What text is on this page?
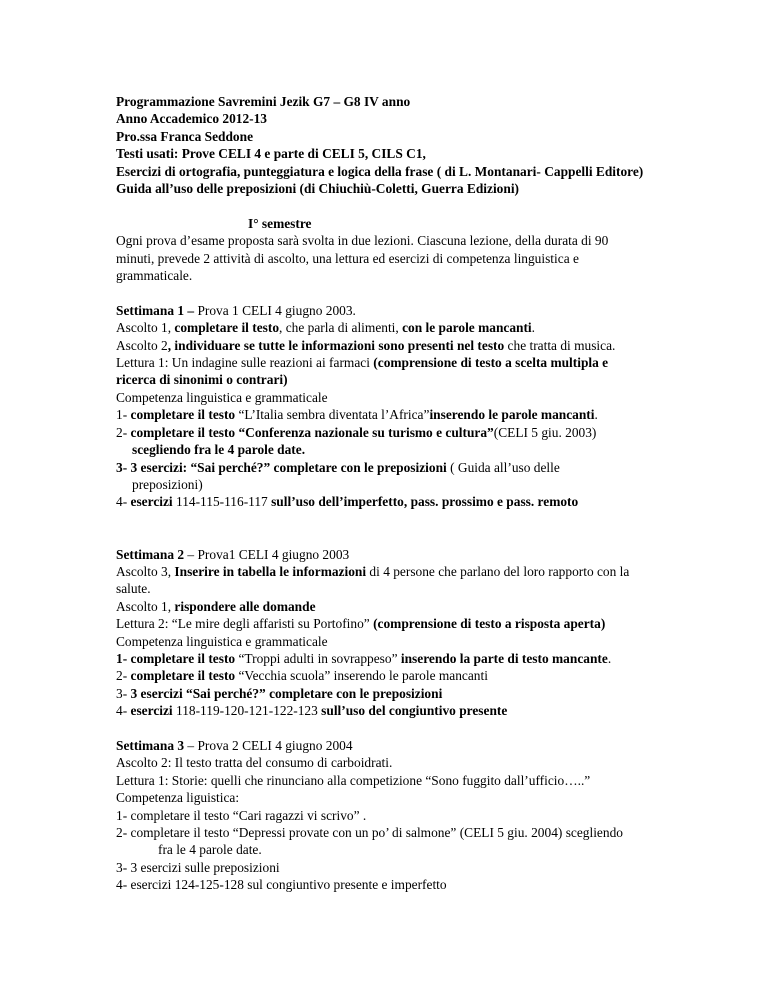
Programmazione Savremini Jezik G7 – G8 IV anno
Anno Accademico 2012-13
Pro.ssa Franca Seddone
Testi usati: Prove CELI 4 e parte di CELI 5, CILS C1,
Esercizi di ortografia, punteggiatura e logica della frase ( di L. Montanari- Cappelli Editore)
Guida all’uso delle preposizioni (di Chiuchiù-Coletti, Guerra Edizioni)
I° semestre
Ogni prova d’esame proposta sarà svolta in due lezioni. Ciascuna lezione, della durata di 90
minuti, prevede 2 attività di ascolto, una lettura ed esercizi di competenza linguistica e
grammaticale.
Settimana 1 – Prova 1 CELI 4 giugno 2003.
Ascolto 1, completare il testo, che parla di alimenti, con le parole mancanti.
Ascolto 2, individuare se tutte le informazioni sono presenti nel testo che tratta di musica.
Lettura 1: Un indagine sulle reazioni ai farmaci (comprensione di testo a scelta multipla e
ricerca di sinonimi o contrari)
Competenza linguistica e grammaticale
1- completare il testo “L’Italia sembra diventata l’Africa”inserendo le parole mancanti.
2- completare il testo “Conferenza nazionale su turismo e cultura”(CELI 5 giu. 2003)
scegliendo fra le 4 parole date.
3- 3 esercizi: “Sai perché?” completare con le preposizioni ( Guida all’uso delle
preposizioni)
4- esercizi 114-115-116-117 sull’uso dell’imperfetto, pass. prossimo e pass. remoto
Settimana 2 – Prova1 CELI 4 giugno 2003
Ascolto 3, Inserire in tabella le informazioni di 4 persone che parlano del loro rapporto con la
salute.
Ascolto 1, rispondere alle domande
Lettura 2: “Le mire degli affaristi su Portofino” (comprensione di testo a risposta aperta)
Competenza linguistica e grammaticale
1- completare il testo “Troppi adulti in sovrappeso” inserendo la parte di testo mancante.
2- completare il testo “Vecchia scuola” inserendo le parole mancanti
3- 3 esercizi “Sai perché?” completare con le preposizioni
4- esercizi 118-119-120-121-122-123 sull’uso del congiuntivo presente
Settimana 3 – Prova 2 CELI 4 giugno 2004
Ascolto 2: Il testo tratta del consumo di carboidrati.
Lettura 1: Storie: quelli che rinunciano alla competizione “Sono fuggito dall’ufficio…..”
Competenza liguistica:
1- completare il testo “Cari ragazzi vi scrivo” .
2- completare il testo “Depressi provate con un po’ di salmone” (CELI 5 giu. 2004) scegliendo
fra le 4 parole date.
3- 3 esercizi sulle preposizioni
4- esercizi 124-125-128 sul congiuntivo presente e imperfetto
